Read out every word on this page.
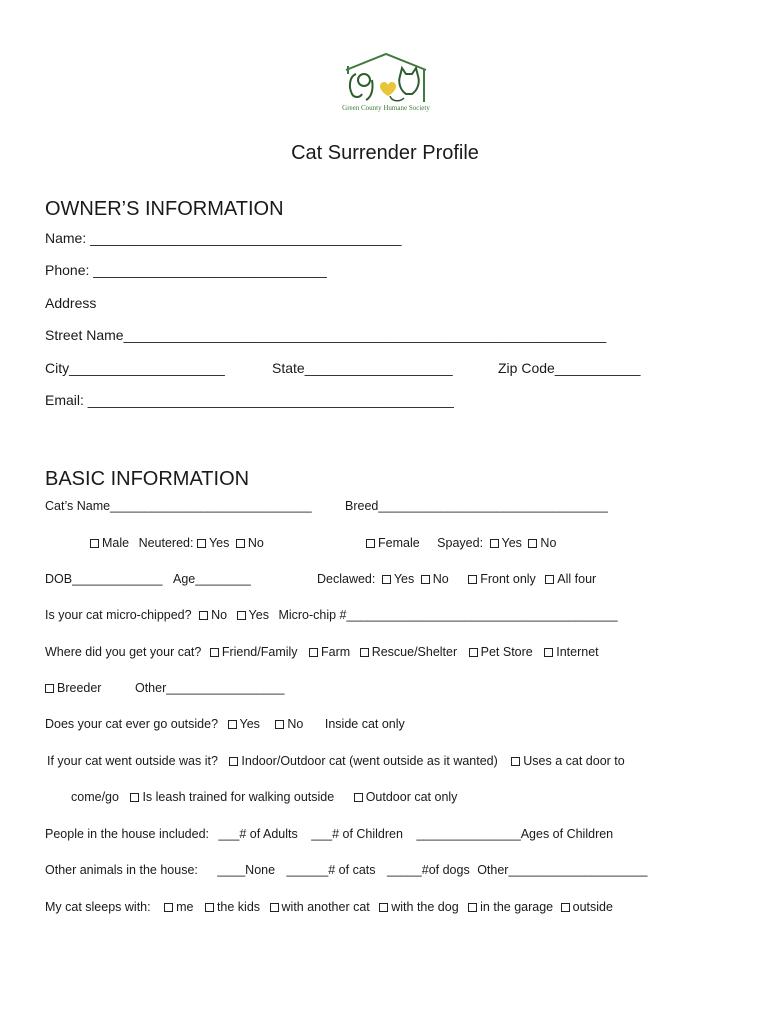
Green County Humane Society
Cat Surrender Profile
OWNER’S INFORMATION
Name: ________________________________________
Phone: ______________________________
Address
Street Name______________________________________________________________
City____________________	State___________________	Zip Code___________
Email: _______________________________________________
BASIC INFORMATION
Cat’s Name_____________________________	Breed_________________________________
Male Neutered: Yes No	Female Spayed: Yes No
DOB_____________ Age________	Declawed: Yes No	Front only All four
Is your cat micro-chipped? No Yes Micro-chip #_______________________________________
Where did you get your cat? Friend/Family Farm Rescue/Shelter Pet Store Internet
Breeder	Other_________________
Does your cat ever go outside? Yes No Inside cat only
If your cat went outside was it? Indoor/Outdoor cat (went outside as it wanted) Uses a cat door to
come/go Is leash trained for walking outside	Outdoor cat only
People in the house included: ___# of Adults ___# of Children _______________Ages of Children
Other animals in the house: ____None ______# of cats _____#of dogs Other____________________
My cat sleeps with: me the kids with another cat with the dog in the garage outside
